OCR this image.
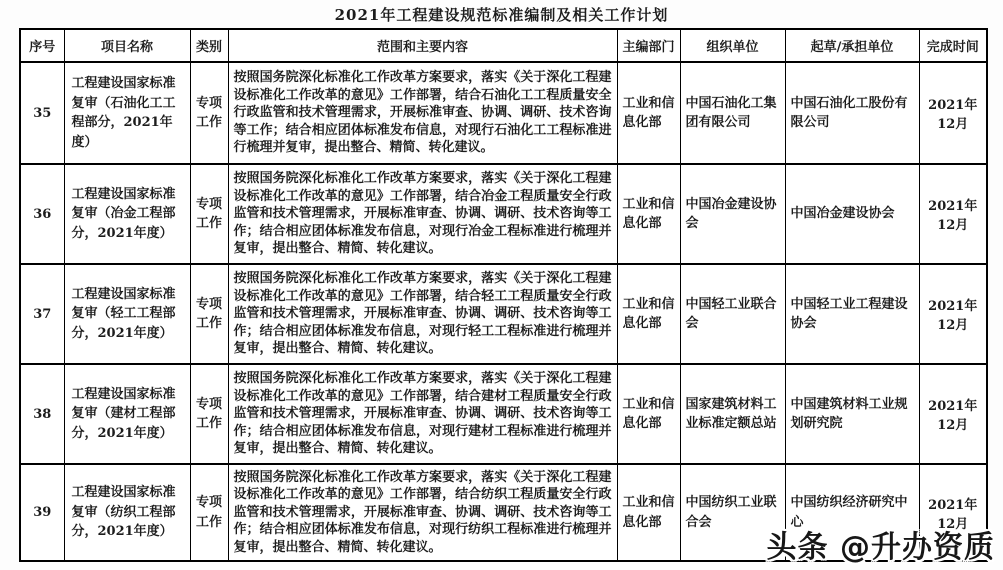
2021年工程建设规范标准编制及相关工作计划
序号	项目名称	类别	范围和主要内容	主编部门	组织单位	起草/承担单位	完成时间
35	工程建设国家标准复审（石油化工工程部分，2021年度）	专项工作	按照国务院深化标准化工作改革方案要求，落实《关于深化工程建设标准化工作改革的意见》工作部署，结合石油化工工程质量安全行政监管和技术管理需求，开展标准审查、协调、调研、技术咨询等工作；结合相应团体标准发布信息，对现行石油化工工程标准进行梳理并复审，提出整合、精简、转化建议。	工业和信息化部	中国石油化工集团有限公司	中国石油化工股份有限公司	2021年12月
36	工程建设国家标准复审（冶金工程部分，2021年度）	专项工作	按照国务院深化标准化工作改革方案要求，落实《关于深化工程建设标准化工作改革的意见》工作部署，结合冶金工程质量安全行政监管和技术管理需求，开展标准审查、协调、调研、技术咨询等工作；结合相应团体标准发布信息，对现行冶金工程标准进行梳理并复审，提出整合、精简、转化建议。	工业和信息化部	中国冶金建设协会	中国冶金建设协会	2021年12月
37	工程建设国家标准复审（轻工工程部分，2021年度）	专项工作	按照国务院深化标准化工作改革方案要求，落实《关于深化工程建设标准化工作改革的意见》工作部署，结合轻工工程质量安全行政监管和技术管理需求，开展标准审查、协调、调研、技术咨询等工作；结合相应团体标准发布信息，对现行轻工工程标准进行梳理并复审，提出整合、精简、转化建议。	工业和信息化部	中国轻工业联合会	中国轻工业工程建设协会	2021年12月
38	工程建设国家标准复审（建材工程部分，2021年度）	专项工作	按照国务院深化标准化工作改革方案要求，落实《关于深化工程建设标准化工作改革的意见》工作部署，结合建材工程质量安全行政监管和技术管理需求，开展标准审查、协调、调研、技术咨询等工作；结合相应团体标准发布信息，对现行建材工程标准进行梳理并复审，提出整合、精简、转化建议。	工业和信息化部	国家建筑材料工业标准定额总站	中国建筑材料工业规划研究院	2021年12月
39	工程建设国家标准复审（纺织工程部分，2021年度）	专项工作	按照国务院深化标准化工作改革方案要求，落实《关于深化工程建设标准化工作改革的意见》工作部署，结合纺织工程质量安全行政监管和技术管理需求，开展标准审查、协调、调研、技术咨询等工作；结合相应团体标准发布信息，对现行纺织工程标准进行梳理并复审，提出整合、精简、转化建议。	工业和信息化部	中国纺织工业联合会	中国纺织经济研究中心	2021年12月
头条 @升办资质
